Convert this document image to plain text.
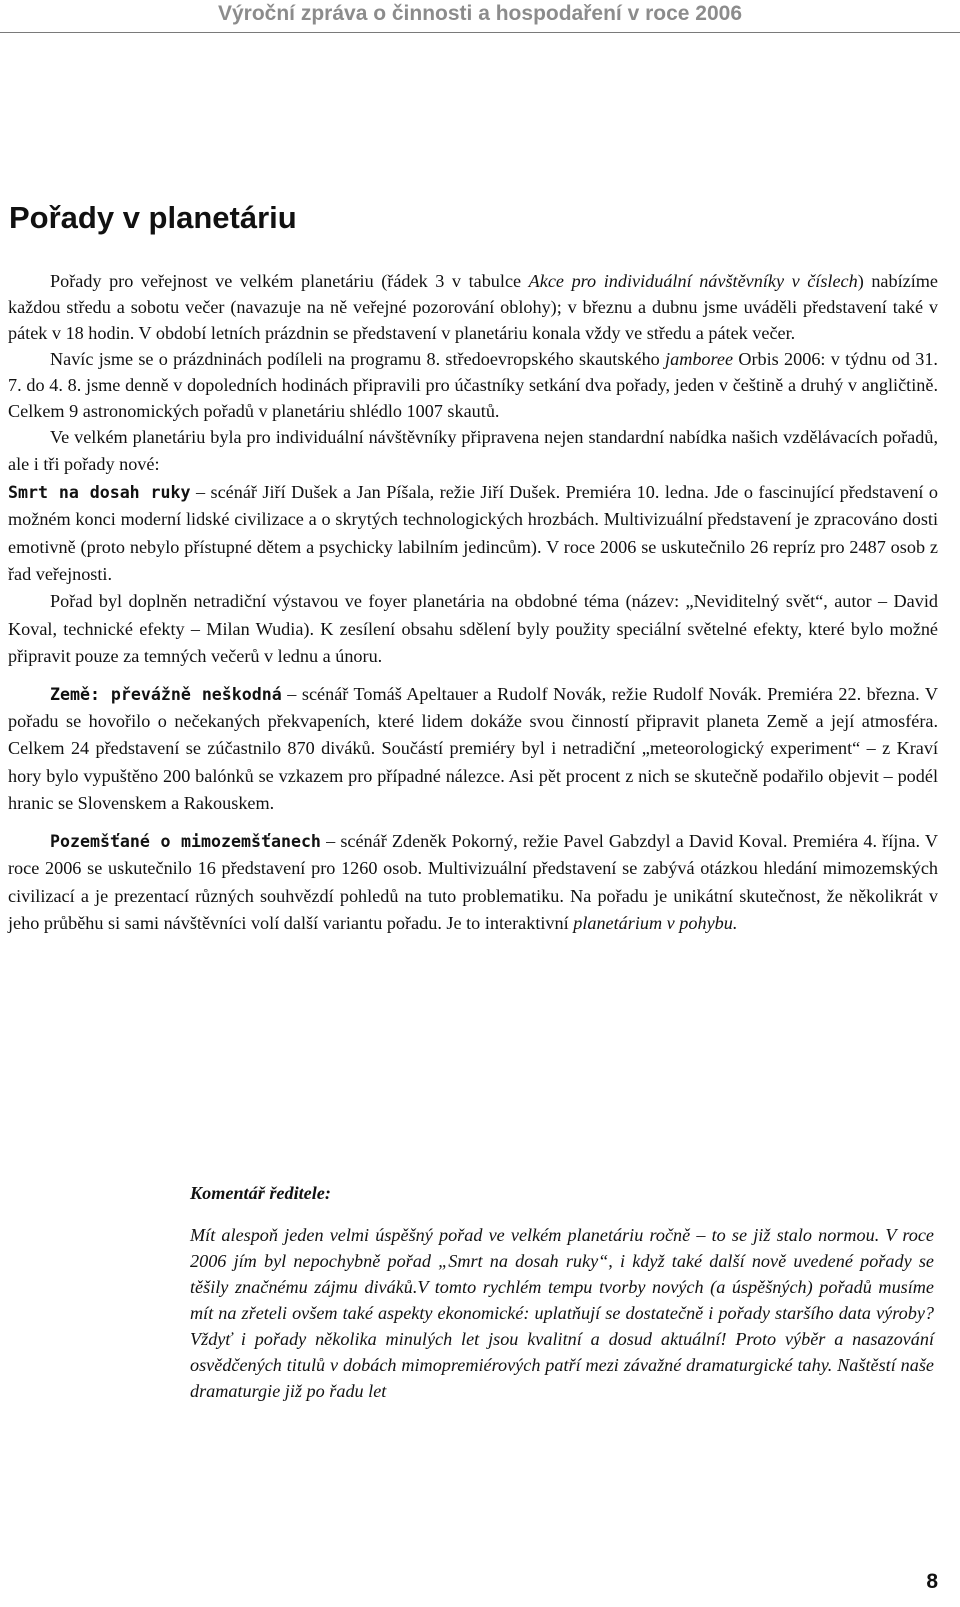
Výroční zpráva o činnosti a hospodaření v roce 2006
Pořady v planetáriu

Pořady pro veřejnost ve velkém planetáriu (řádek 3 v tabulce Akce pro individuální návštěvníky v číslech) nabízíme každou středu a sobotu večer (navazuje na ně veřejné pozorování oblohy); v březnu a dubnu jsme uváděli představení také v pátek v 18 hodin. V období letních prázdnin se představení v planetáriu konala vždy ve středu a pátek večer.

Navíc jsme se o prázdninách podíleli na programu 8. středoevropského skautského jamboree Orbis 2006: v týdnu od 31. 7. do 4. 8. jsme denně v dopoledních hodinách připravili pro účastníky setkání dva pořady, jeden v češtině a druhý v angličtině. Celkem 9 astronomických pořadů v planetáriu shlédlo 1007 skautů.

Ve velkém planetáriu byla pro individuální návštěvníky připravena nejen standardní nabídka našich vzdělávacích pořadů, ale i tři pořady nové:

Smrt na dosah ruky – scénář Jiří Dušek a Jan Píšala, režie Jiří Dušek. Premiéra 10. ledna. Jde o fascinující představení o možném konci moderní lidské civilizace a o skrytých technologických hrozbách. Multivizuální představení je zpracováno dosti emotivně (proto nebylo přístupné dětem a psychicky labilním jedincům). V roce 2006 se uskutečnilo 26 repríz pro 2487 osob z řad veřejnosti.

Pořad byl doplněn netradiční výstavou ve foyer planetária na obdobné téma (název: „Neviditelný svět“, autor – David Koval, technické efekty – Milan Wudia). K zesílení obsahu sdělení byly použity speciální světelné efekty, které bylo možné připravit pouze za temných večerů v lednu a únoru.

Země: převážně neškodná – scénář Tomáš Apeltauer a Rudolf Novák, režie Rudolf Novák. Premiéra 22. března. V pořadu se hovořilo o nečekaných překvapeních, které lidem dokáže svou činností připravit planeta Země a její atmosféra. Celkem 24 představení se zúčastnilo 870 diváků. Součástí premiéry byl i netradiční „meteorologický experiment“ – z Kraví hory bylo vypuštěno 200 balónků se vzkazem pro případné nálezce. Asi pět procent z nich se skutečně podařilo objevit – podél hranic se Slovenskem a Rakouskem.

Pozemšťané o mimozemšťanech – scénář Zdeněk Pokorný, režie Pavel Gabzdyl a David Koval. Premiéra 4. října. V roce 2006 se uskutečnilo 16 představení pro 1260 osob. Multivizuální představení se zabývá otázkou hledání mimozemských civilizací a je prezentací různých souhvězdí pohledů na tuto problematiku. Na pořadu je unikátní skutečnost, že několikrát v jeho průběhu si sami návštěvníci volí další variantu pořadu. Je to interaktivní planetárium v pohybu.

Komentář ředitele:

Mít alespoň jeden velmi úspěšný pořad ve velkém planetáriu ročně – to se již stalo normou. V roce 2006 jím byl nepochybně pořad „Smrt na dosah ruky“, i když také další nově uvedené pořady se těšily značnému zájmu diváků.V tomto rychlém tempu tvorby nových (a úspěšných) pořadů musíme mít na zřeteli ovšem také aspekty ekonomické: uplatňují se dostatečně i pořady staršího data výroby? Vždyť i pořady několika minulých let jsou kvalitní a dosud aktuální! Proto výběr a nasazování osvědčených titulů v dobách mimopremiérových patří mezi závažné dramaturgické tahy. Naštěstí naše dramaturgie již po řadu let

8
